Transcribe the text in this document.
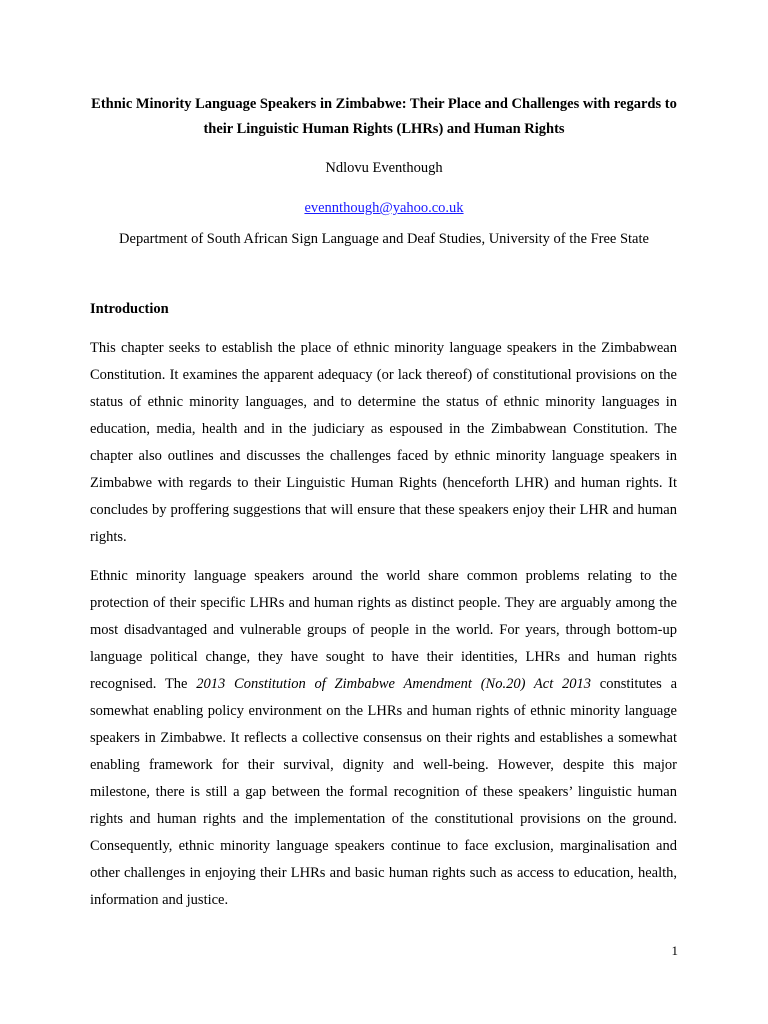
Ethnic Minority Language Speakers in Zimbabwe: Their Place and Challenges with regards to their Linguistic Human Rights (LHRs) and Human Rights
Ndlovu Eventhough
evennthough@yahoo.co.uk
Department of South African Sign Language and Deaf Studies, University of the Free State
Introduction
This chapter seeks to establish the place of ethnic minority language speakers in the Zimbabwean Constitution. It examines the apparent adequacy (or lack thereof) of constitutional provisions on the status of ethnic minority languages, and to determine the status of ethnic minority languages in education, media, health and in the judiciary as espoused in the Zimbabwean Constitution. The chapter also outlines and discusses the challenges faced by ethnic minority language speakers in Zimbabwe with regards to their Linguistic Human Rights (henceforth LHR) and human rights. It concludes by proffering suggestions that will ensure that these speakers enjoy their LHR and human rights.
Ethnic minority language speakers around the world share common problems relating to the protection of their specific LHRs and human rights as distinct people. They are arguably among the most disadvantaged and vulnerable groups of people in the world. For years, through bottom-up language political change, they have sought to have their identities, LHRs and human rights recognised. The 2013 Constitution of Zimbabwe Amendment (No.20) Act 2013 constitutes a somewhat enabling policy environment on the LHRs and human rights of ethnic minority language speakers in Zimbabwe. It reflects a collective consensus on their rights and establishes a somewhat enabling framework for their survival, dignity and well-being. However, despite this major milestone, there is still a gap between the formal recognition of these speakers’ linguistic human rights and human rights and the implementation of the constitutional provisions on the ground. Consequently, ethnic minority language speakers continue to face exclusion, marginalisation and other challenges in enjoying their LHRs and basic human rights such as access to education, health, information and justice.
1
